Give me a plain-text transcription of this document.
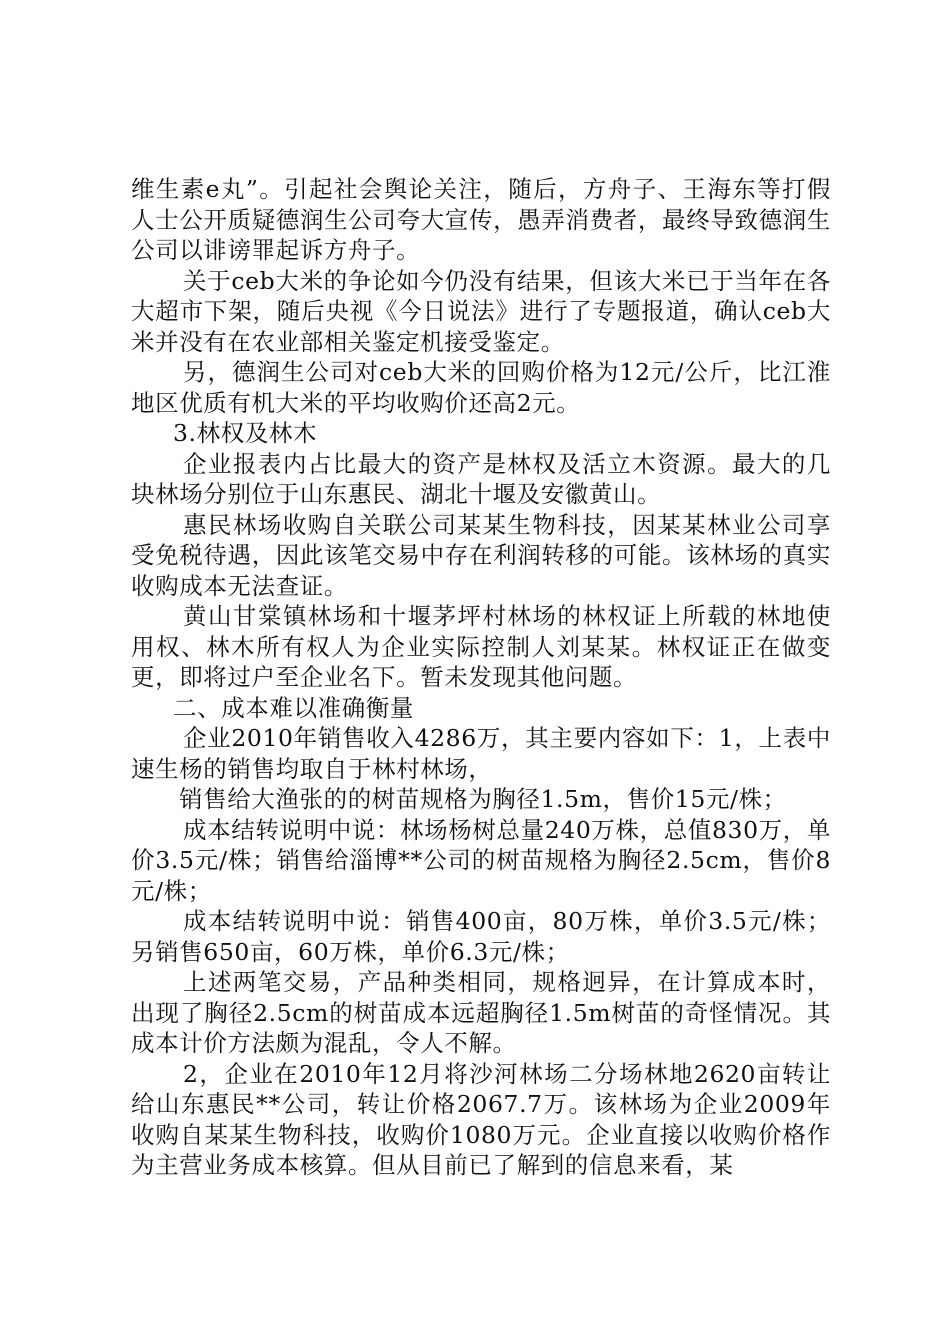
维生素e丸”。引起社会舆论关注，随后，方舟子、王海东等打假人士公开质疑德润生公司夸大宣传，愚弄消费者，最终导致德润生公司以诽谤罪起诉方舟子。

关于ceb大米的争论如今仍没有结果，但该大米已于当年在各大超市下架，随后央视《今日说法》进行了专题报道，确认ceb大米并没有在农业部相关鉴定机接受鉴定。

另，德润生公司对ceb大米的回购价格为12元/公斤，比江淮地区优质有机大米的平均收购价还高2元。

3.林权及林木

企业报表内占比最大的资产是林权及活立木资源。最大的几块林场分别位于山东惠民、湖北十堰及安徽黄山。

惠民林场收购自关联公司某某生物科技，因某某林业公司享受免税待遇，因此该笔交易中存在利润转移的可能。该林场的真实收购成本无法查证。

黄山甘棠镇林场和十堰茅坪村林场的林权证上所载的林地使用权、林木所有权人为企业实际控制人刘某某。林权证正在做变更，即将过户至企业名下。暂未发现其他问题。

二、成本难以准确衡量

企业2010年销售收入4286万，其主要内容如下：1，上表中速生杨的销售均取自于林村林场，

销售给大渔张的的树苗规格为胸径1.5m，售价15元/株；

成本结转说明中说：林场杨树总量240万株，总值830万，单价3.5元/株；销售给淄博**公司的树苗规格为胸径2.5cm，售价8元/株；

成本结转说明中说：销售400亩，80万株，单价3.5元/株；另销售650亩，60万株，单价6.3元/株；

上述两笔交易，产品种类相同，规格迥异，在计算成本时，出现了胸径2.5cm的树苗成本远超胸径1.5m树苗的奇怪情况。其成本计价方法颇为混乱，令人不解。

2，企业在2010年12月将沙河林场二分场林地2620亩转让给山东惠民**公司，转让价格2067.7万。该林场为企业2009年收购自某某生物科技，收购价1080万元。企业直接以收购价格作为主营业务成本核算。但从目前已了解到的信息来看，某
